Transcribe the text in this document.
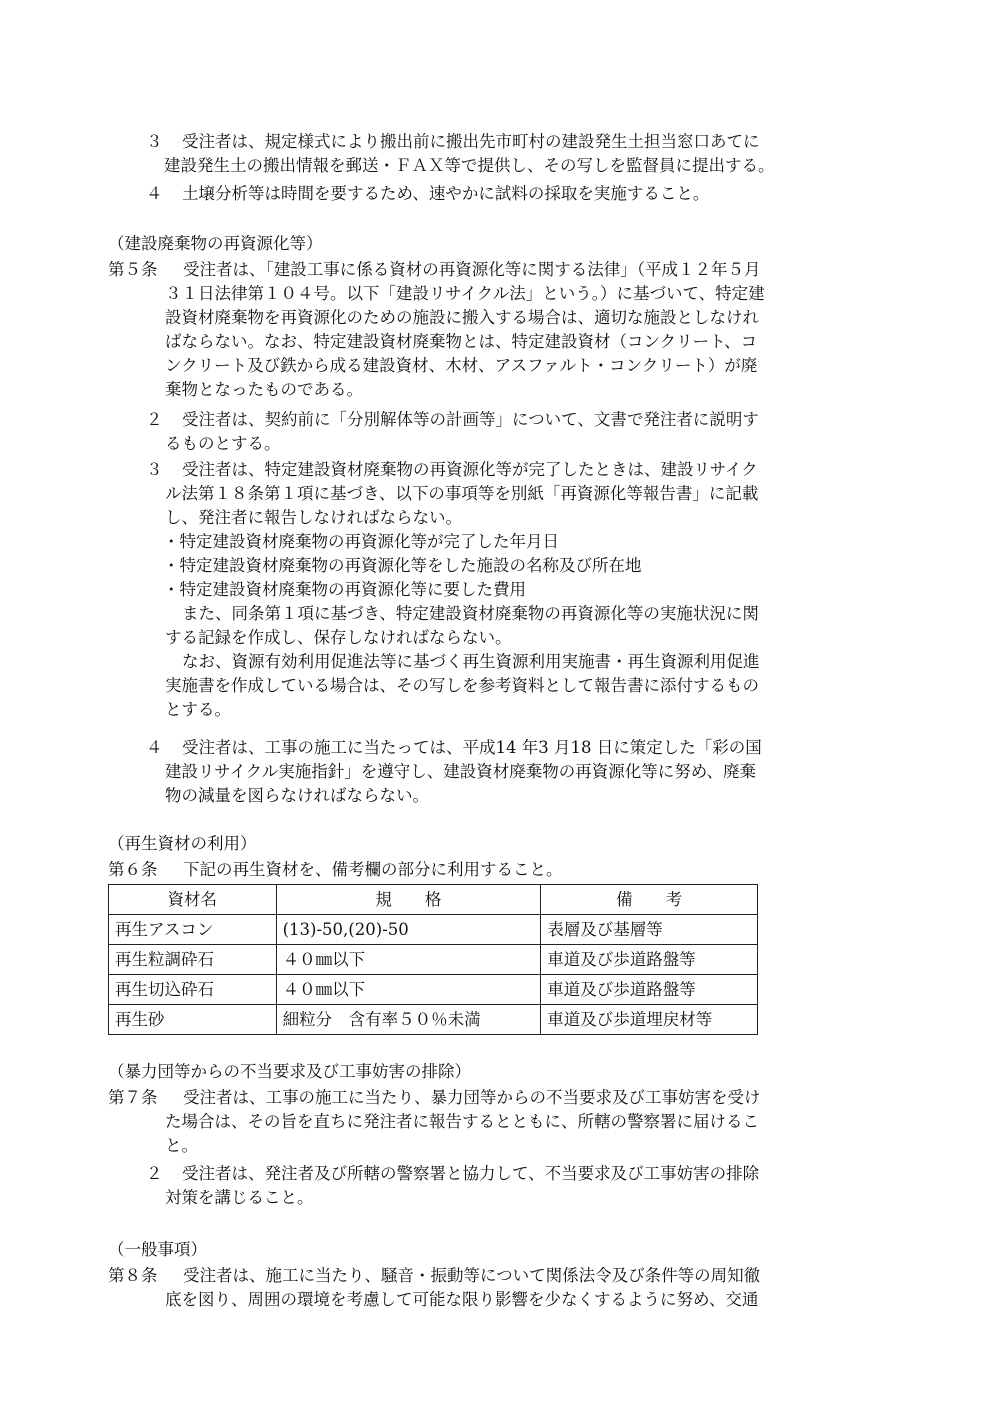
３ 受注者は、規定様式により搬出前に搬出先市町村の建設発生土担当窓口あてに
建設発生土の搬出情報を郵送・ＦＡＸ等で提供し、その写しを監督員に提出する。
４ 土壌分析等は時間を要するため、速やかに試料の採取を実施すること。
（建設廃棄物の再資源化等）
第５条 受注者は、「建設工事に係る資材の再資源化等に関する法律」（平成１２年５月
３１日法律第１０４号。以下「建設リサイクル法」という。）に基づいて、特定建
設資材廃棄物を再資源化のための施設に搬入する場合は、適切な施設としなけれ
ばならない。なお、特定建設資材廃棄物とは、特定建設資材（コンクリート、コ
ンクリート及び鉄から成る建設資材、木材、アスファルト・コンクリート）が廃
棄物となったものである。
２ 受注者は、契約前に「分別解体等の計画等」について、文書で発注者に説明す
るものとする。
３ 受注者は、特定建設資材廃棄物の再資源化等が完了したときは、建設リサイク
ル法第１８条第１項に基づき、以下の事項等を別紙「再資源化等報告書」に記載
し、発注者に報告しなければならない。
・特定建設資材廃棄物の再資源化等が完了した年月日
・特定建設資材廃棄物の再資源化等をした施設の名称及び所在地
・特定建設資材廃棄物の再資源化等に要した費用
また、同条第１項に基づき、特定建設資材廃棄物の再資源化等の実施状況に関
する記録を作成し、保存しなければならない。
なお、資源有効利用促進法等に基づく再生資源利用実施書・再生資源利用促進
実施書を作成している場合は、その写しを参考資料として報告書に添付するもの
とする。
４ 受注者は、工事の施工に当たっては、平成14 年3 月18 日に策定した「彩の国
建設リサイクル実施指針」を遵守し、建設資材廃棄物の再資源化等に努め、廃棄
物の減量を図らなければならない。
（再生資材の利用）
第６条 下記の再生資材を、備考欄の部分に利用すること。
資材名	規　　格	備　　考
再生アスコン	(13)-50,(20)-50	表層及び基層等
再生粒調砕石	４０㎜以下	車道及び歩道路盤等
再生切込砕石	４０㎜以下	車道及び歩道路盤等
再生砂	細粒分　含有率５０％未満	車道及び歩道埋戻材等
（暴力団等からの不当要求及び工事妨害の排除）
第７条 受注者は、工事の施工に当たり、暴力団等からの不当要求及び工事妨害を受け
た場合は、その旨を直ちに発注者に報告するとともに、所轄の警察署に届けるこ
と。
２ 受注者は、発注者及び所轄の警察署と協力して、不当要求及び工事妨害の排除
対策を講じること。
（一般事項）
第８条 受注者は、施工に当たり、騒音・振動等について関係法令及び条件等の周知徹
底を図り、周囲の環境を考慮して可能な限り影響を少なくするように努め、交通
